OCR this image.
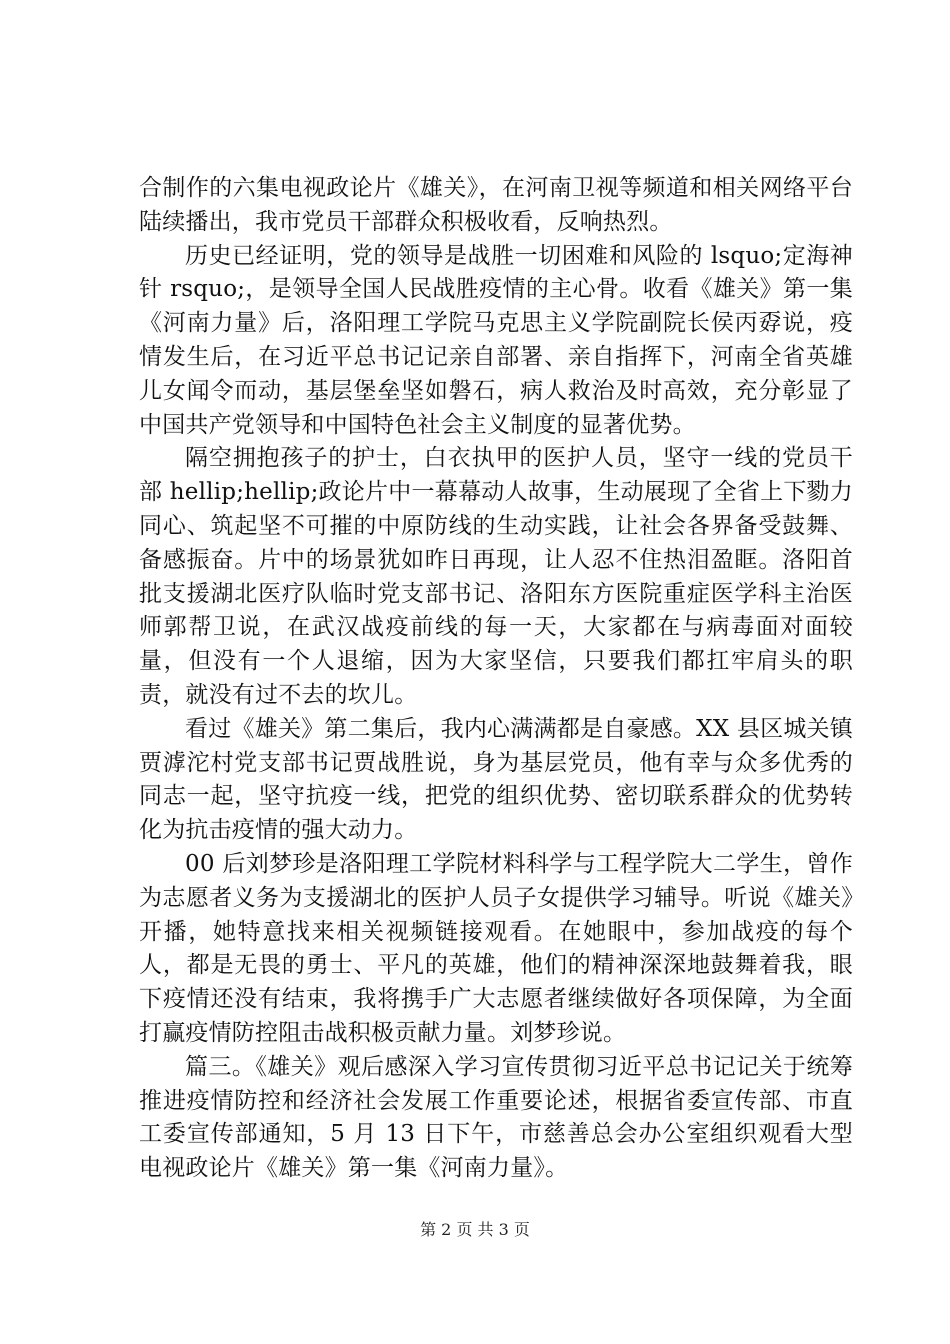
合制作的六集电视政论片《雄关》，在河南卫视等频道和相关网络平台陆续播出，我市党员干部群众积极收看，反响热烈。

历史已经证明，党的领导是战胜一切困难和风险的 lsquo;定海神针 rsquo;，是领导全国人民战胜疫情的主心骨。收看《雄关》第一集《河南力量》后，洛阳理工学院马克思主义学院副院长侯丙孬说，疫情发生后，在习近平总书记记亲自部署、亲自指挥下，河南全省英雄儿女闻令而动，基层堡垒坚如磐石，病人救治及时高效，充分彰显了中国共产党领导和中国特色社会主义制度的显著优势。

隔空拥抱孩子的护士，白衣执甲的医护人员，坚守一线的党员干部 hellip;hellip;政论片中一幕幕动人故事，生动展现了全省上下勠力同心、筑起坚不可摧的中原防线的生动实践，让社会各界备受鼓舞、备感振奋。片中的场景犹如昨日再现，让人忍不住热泪盈眶。洛阳首批支援湖北医疗队临时党支部书记、洛阳东方医院重症医学科主治医师郭帮卫说，在武汉战疫前线的每一天，大家都在与病毒面对面较量，但没有一个人退缩，因为大家坚信，只要我们都扛牢肩头的职责，就没有过不去的坎儿。

看过《雄关》第二集后，我内心满满都是自豪感。XX 县区城关镇贾滹沱村党支部书记贾战胜说，身为基层党员，他有幸与众多优秀的同志一起，坚守抗疫一线，把党的组织优势、密切联系群众的优势转化为抗击疫情的强大动力。

00 后刘梦珍是洛阳理工学院材料科学与工程学院大二学生，曾作为志愿者义务为支援湖北的医护人员子女提供学习辅导。听说《雄关》开播，她特意找来相关视频链接观看。在她眼中，参加战疫的每个人，都是无畏的勇士、平凡的英雄，他们的精神深深地鼓舞着我，眼下疫情还没有结束，我将携手广大志愿者继续做好各项保障，为全面打赢疫情防控阻击战积极贡献力量。刘梦珍说。

篇三。《雄关》观后感深入学习宣传贯彻习近平总书记记关于统筹推进疫情防控和经济社会发展工作重要论述，根据省委宣传部、市直工委宣传部通知，5 月 13 日下午，市慈善总会办公室组织观看大型电视政论片《雄关》第一集《河南力量》。

第 2 页 共 3 页
